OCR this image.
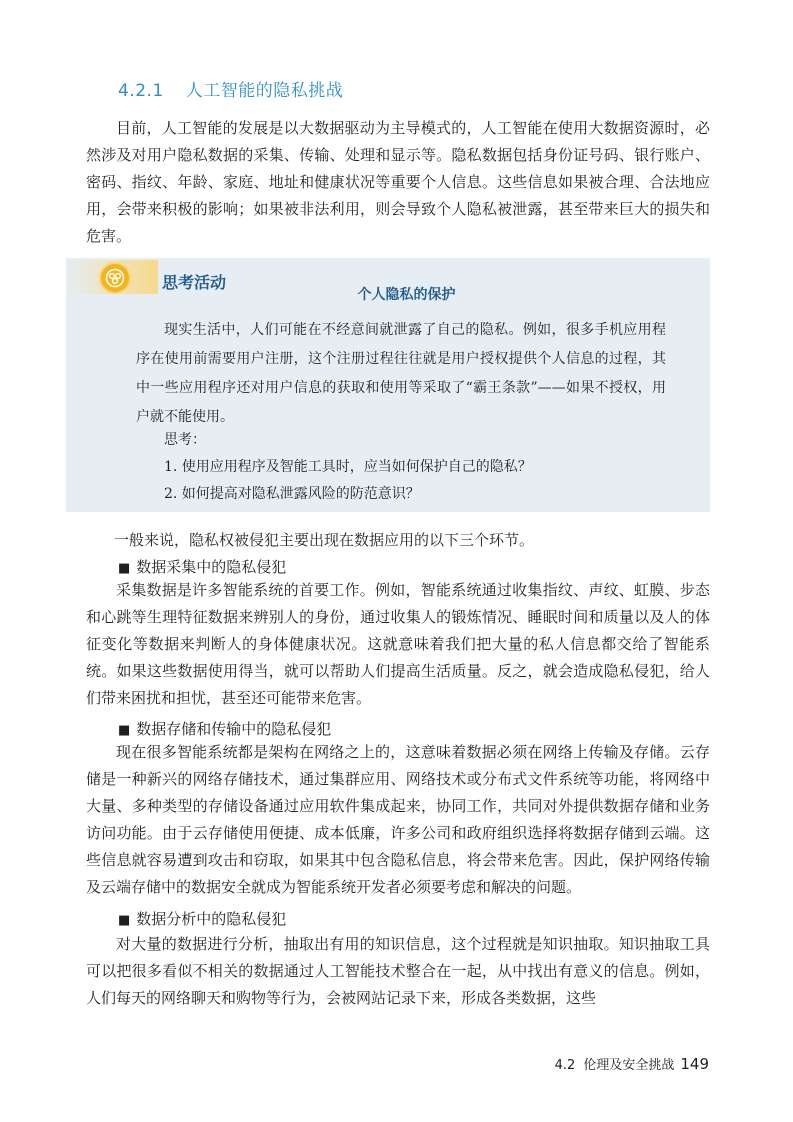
4.2.1 人工智能的隐私挑战

目前，人工智能的发展是以大数据驱动为主导模式的，人工智能在使用大数据资源时，必然涉及对用户隐私数据的采集、传输、处理和显示等。隐私数据包括身份证号码、银行账户、密码、指纹、年龄、家庭、地址和健康状况等重要个人信息。这些信息如果被合理、合法地应用，会带来积极的影响；如果被非法利用，则会导致个人隐私被泄露，甚至带来巨大的损失和危害。

思考活动
个人隐私的保护

现实生活中，人们可能在不经意间就泄露了自己的隐私。例如，很多手机应用程序在使用前需要用户注册，这个注册过程往往就是用户授权提供个人信息的过程，其中一些应用程序还对用户信息的获取和使用等采取了“霸王条款”——如果不授权，用户就不能使用。

思考：
1. 使用应用程序及智能工具时，应当如何保护自己的隐私？
2. 如何提高对隐私泄露风险的防范意识？
一般来说，隐私权被侵犯主要出现在数据应用的以下三个环节。
■ 数据采集中的隐私侵犯

采集数据是许多智能系统的首要工作。例如，智能系统通过收集指纹、声纹、虹膜、步态和心跳等生理特征数据来辨别人的身份，通过收集人的锻炼情况、睡眠时间和质量以及人的体征变化等数据来判断人的身体健康状况。这就意味着我们把大量的私人信息都交给了智能系统。如果这些数据使用得当，就可以帮助人们提高生活质量。反之，就会造成隐私侵犯，给人们带来困扰和担忧，甚至还可能带来危害。

■ 数据存储和传输中的隐私侵犯

现在很多智能系统都是架构在网络之上的，这意味着数据必须在网络上传输及存储。云存储是一种新兴的网络存储技术，通过集群应用、网络技术或分布式文件系统等功能，将网络中大量、多种类型的存储设备通过应用软件集成起来，协同工作，共同对外提供数据存储和业务访问功能。由于云存储使用便捷、成本低廉，许多公司和政府组织选择将数据存储到云端。这些信息就容易遭到攻击和窃取，如果其中包含隐私信息，将会带来危害。因此，保护网络传输及云端存储中的数据安全就成为智能系统开发者必须要考虑和解决的问题。

■ 数据分析中的隐私侵犯

对大量的数据进行分析，抽取出有用的知识信息，这个过程就是知识抽取。知识抽取工具可以把很多看似不相关的数据通过人工智能技术整合在一起，从中找出有意义的信息。例如，人们每天的网络聊天和购物等行为，会被网站记录下来，形成各类数据，这些

4.2 伦理及安全挑战 149
